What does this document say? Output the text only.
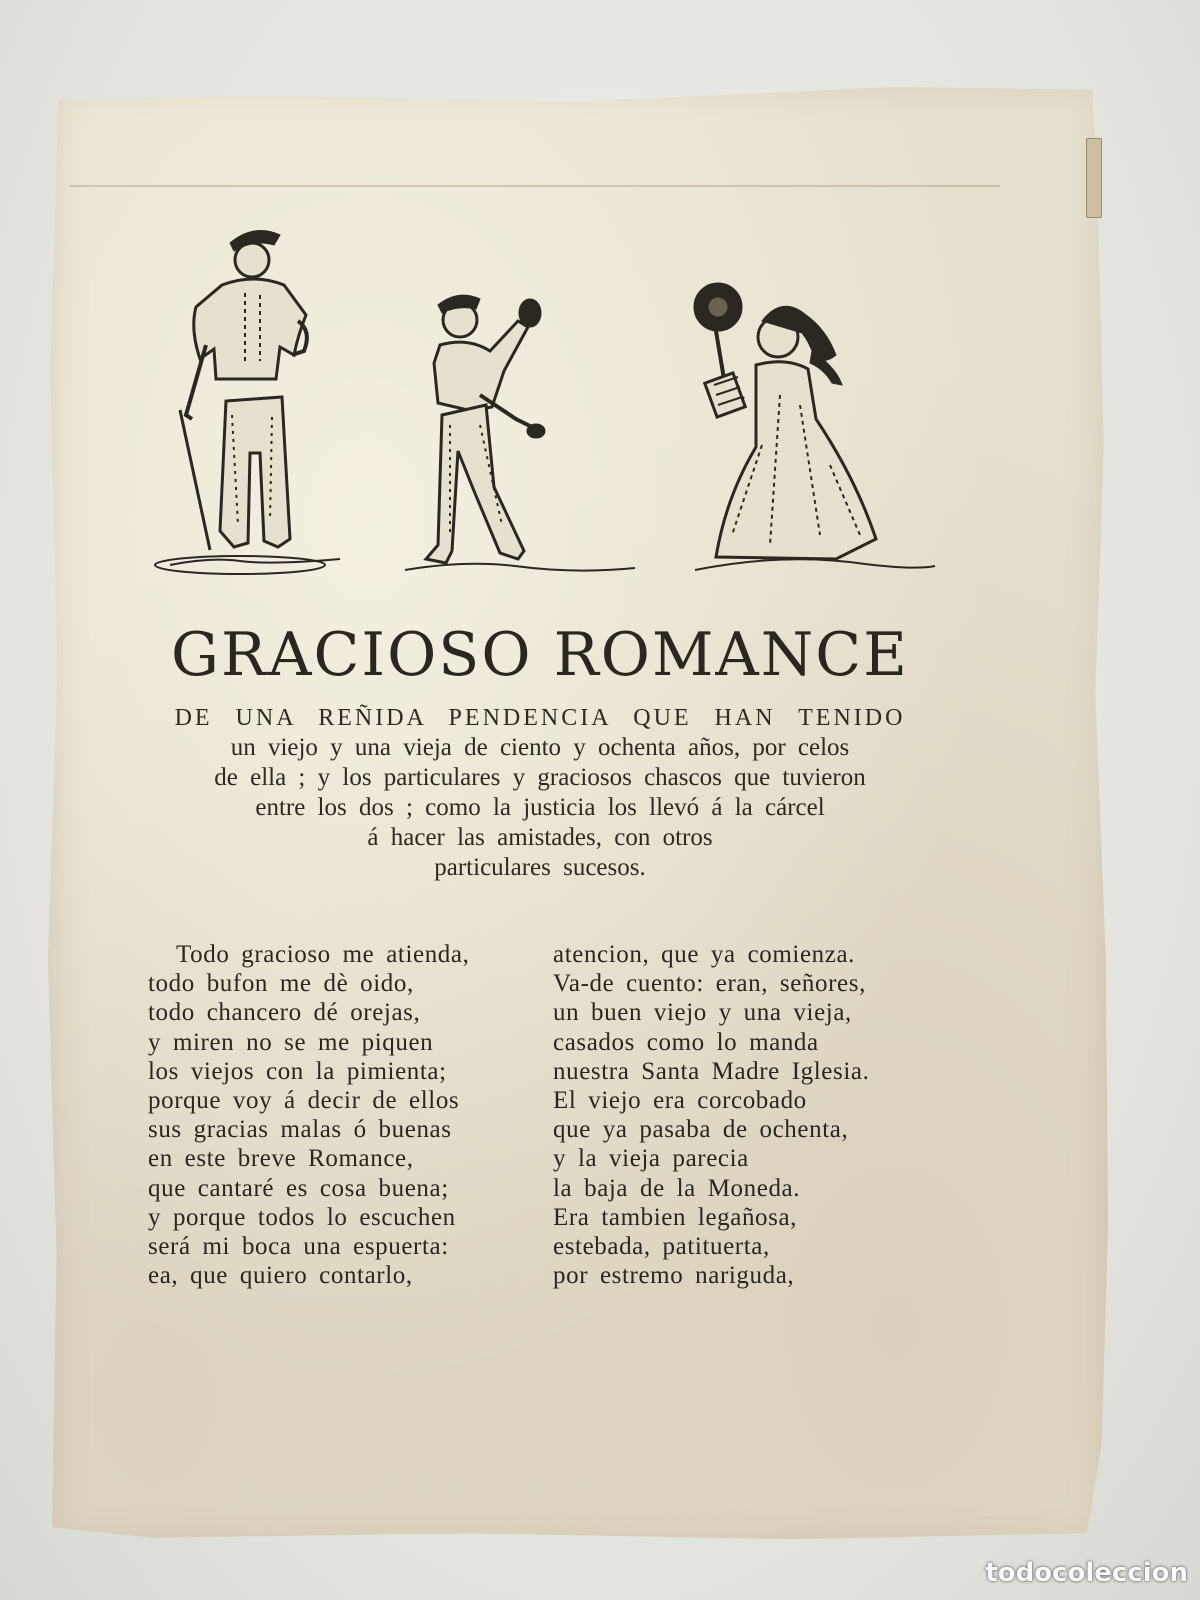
GRACIOSO ROMANCE
DE UNA REÑIDA PENDENCIA QUE HAN TENIDO
un viejo y una vieja de ciento y ochenta años, por celos
de ella ; y los particulares y graciosos chascos que tuvieron
entre los dos ; como la justicia los llevó á la cárcel
á hacer las amistades, con otros
particulares sucesos.
Todo gracioso me atienda,
todo bufon me dè oido,
todo chancero dé orejas,
y miren no se me piquen
los viejos con la pimienta;
porque voy á decir de ellos
sus gracias malas ó buenas
en este breve Romance,
que cantaré es cosa buena;
y porque todos lo escuchen
será mi boca una espuerta:
ea, que quiero contarlo,
atencion, que ya comienza.
Va-de cuento: eran, señores,
un buen viejo y una vieja,
casados como lo manda
nuestra Santa Madre Iglesia.
El viejo era corcobado
que ya pasaba de ochenta,
y la vieja parecia
la baja de la Moneda.
Era tambien legañosa,
estebada, patituerta,
por estremo nariguda,
todocoleccion
